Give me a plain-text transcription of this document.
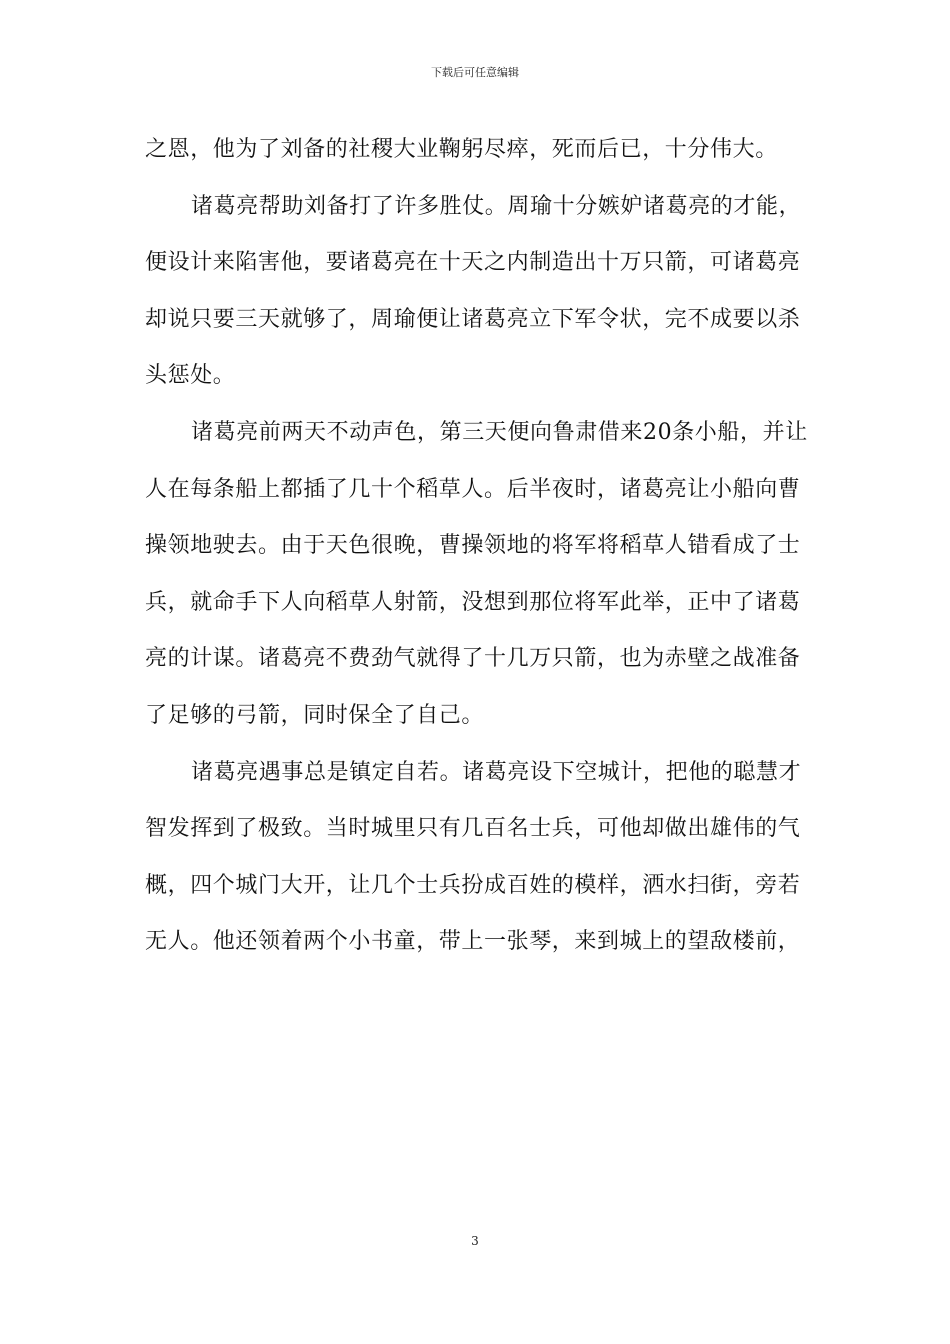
下载后可任意编辑
之恩，他为了刘备的社稷大业鞠躬尽瘁，死而后已，十分伟大。
诸葛亮帮助刘备打了许多胜仗。周瑜十分嫉妒诸葛亮的才能，
便设计来陷害他，要诸葛亮在十天之内制造出十万只箭，可诸葛亮
却说只要三天就够了，周瑜便让诸葛亮立下军令状，完不成要以杀
头惩处。
诸葛亮前两天不动声色，第三天便向鲁肃借来20条小船，并让
人在每条船上都插了几十个稻草人。后半夜时，诸葛亮让小船向曹
操领地驶去。由于天色很晚，曹操领地的将军将稻草人错看成了士
兵，就命手下人向稻草人射箭，没想到那位将军此举，正中了诸葛
亮的计谋。诸葛亮不费劲气就得了十几万只箭，也为赤壁之战准备
了足够的弓箭，同时保全了自己。
诸葛亮遇事总是镇定自若。诸葛亮设下空城计，把他的聪慧才
智发挥到了极致。当时城里只有几百名士兵，可他却做出雄伟的气
概，四个城门大开，让几个士兵扮成百姓的模样，洒水扫街，旁若
无人。他还领着两个小书童，带上一张琴，来到城上的望敌楼前，
3
